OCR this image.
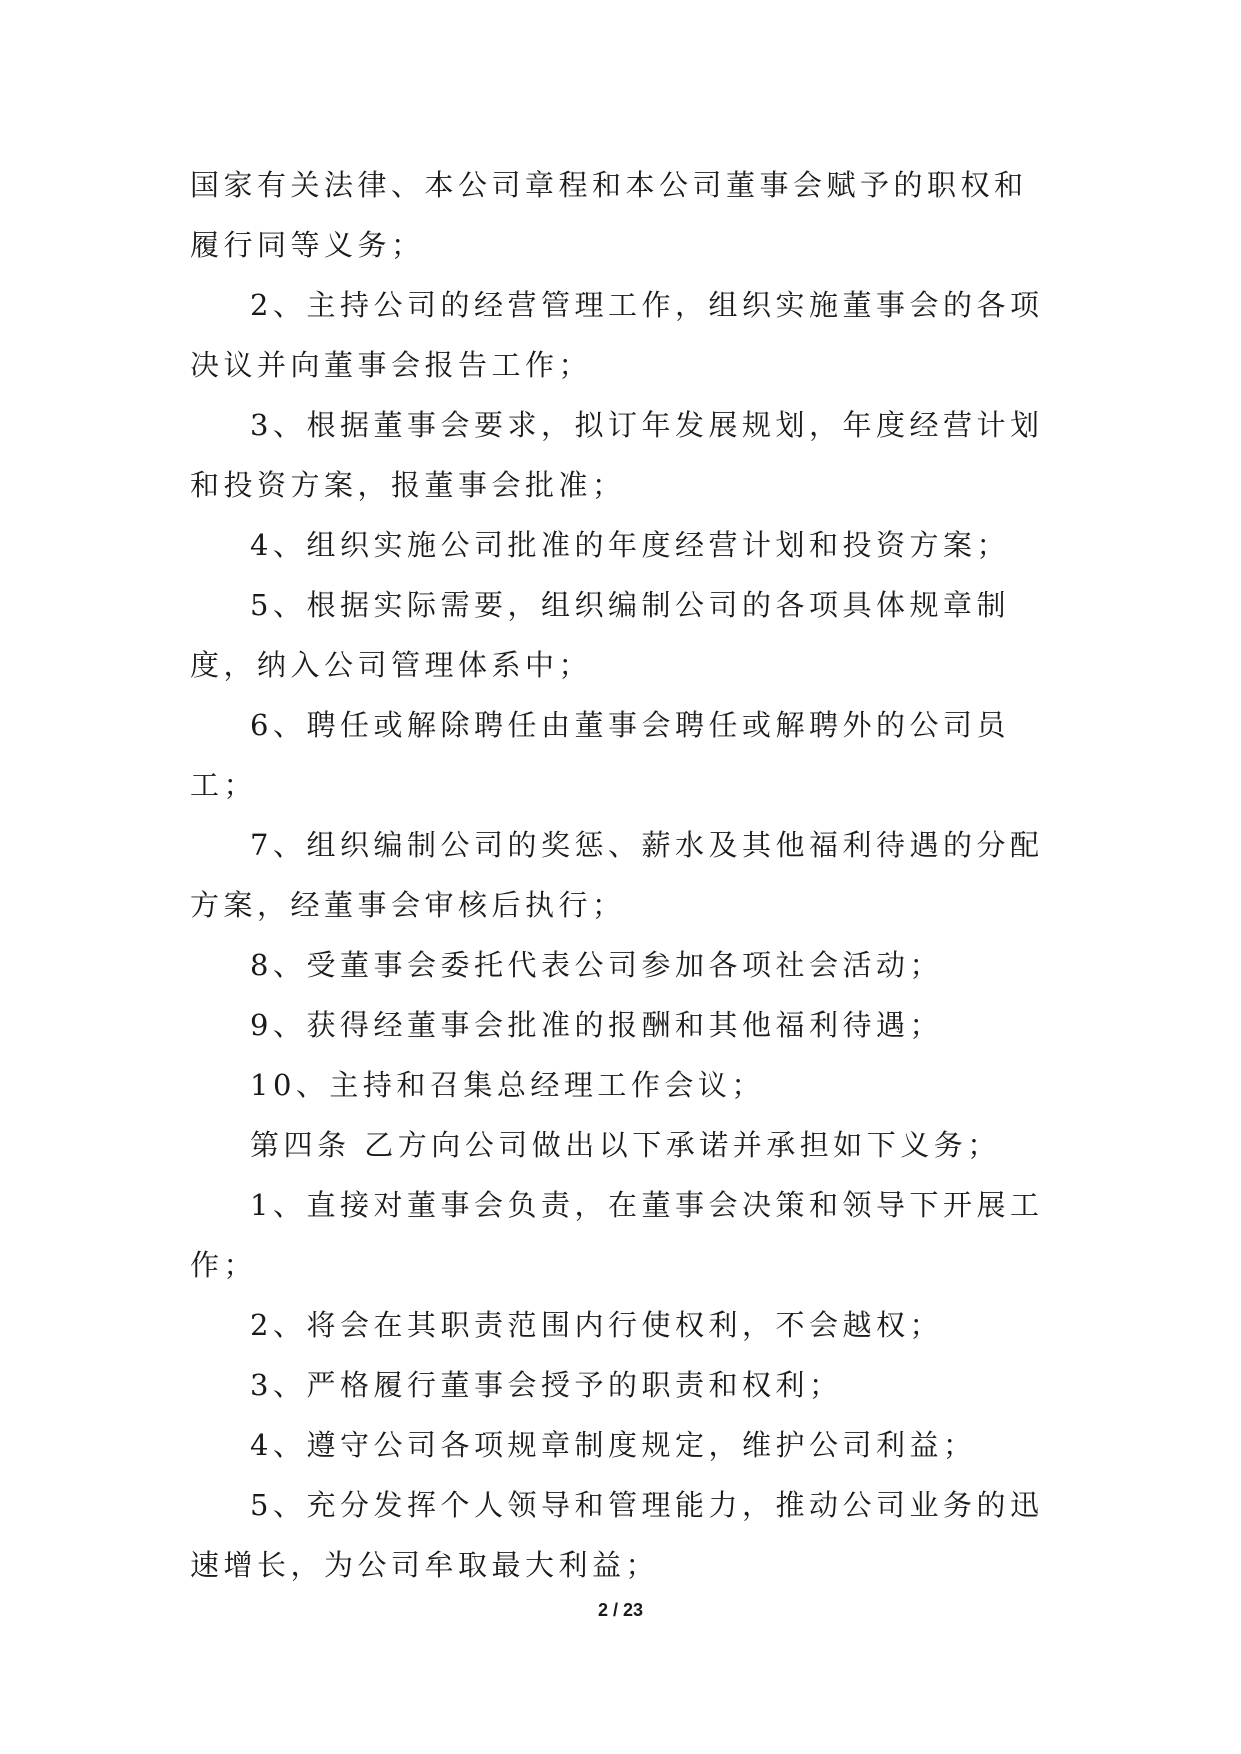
国家有关法律、本公司章程和本公司董事会赋予的职权和履行同等义务；

2、主持公司的经营管理工作，组织实施董事会的各项决议并向董事会报告工作；

3、根据董事会要求，拟订年发展规划，年度经营计划和投资方案，报董事会批准；

4、组织实施公司批准的年度经营计划和投资方案；

5、根据实际需要，组织编制公司的各项具体规章制度，纳入公司管理体系中；

6、聘任或解除聘任由董事会聘任或解聘外的公司员工；

7、组织编制公司的奖惩、薪水及其他福利待遇的分配方案，经董事会审核后执行；

8、受董事会委托代表公司参加各项社会活动；

9、获得经董事会批准的报酬和其他福利待遇；

10、主持和召集总经理工作会议；

第四条 乙方向公司做出以下承诺并承担如下义务；

1、直接对董事会负责，在董事会决策和领导下开展工作；

2、将会在其职责范围内行使权利，不会越权；

3、严格履行董事会授予的职责和权利；

4、遵守公司各项规章制度规定，维护公司利益；

5、充分发挥个人领导和管理能力，推动公司业务的迅速增长，为公司牟取最大利益；

2 / 23
